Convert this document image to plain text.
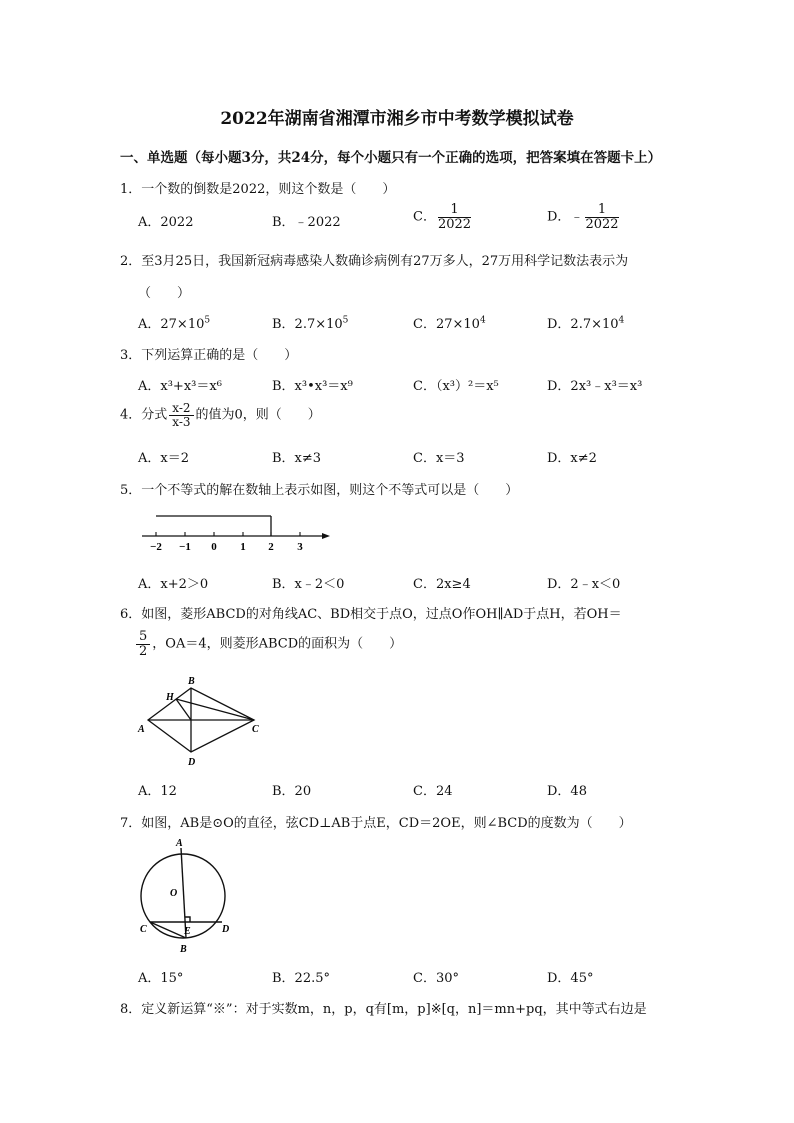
2022年湖南省湘潭市湘乡市中考数学模拟试卷
一、单选题（每小题3分，共24分，每个小题只有一个正确的选项，把答案填在答题卡上）
1．一个数的倒数是2022，则这个数是（　　）
A．2022	B．﹣2022	C． $\frac{1}{2022}$	D．﹣ $\frac{1}{2022}$
2．至3月25日，我国新冠病毒感染人数确诊病例有27万多人，27万用科学记数法表示为
（　　）
A．$27\times 10^5$	B．$2.7\times 10^5$	C．$27\times 10^4$	D．$2.7\times 10^4$
3．下列运算正确的是（　　）
A．x³+x³＝x⁶	B．x³•x³＝x⁹	C．（x³）²＝x⁵	D．2x³﹣x³＝x³
4．分式 $\frac{x-2}{x-3}$ 的值为0，则（　　）
A．x＝2	B．x≠3	C．x＝3	D．x≠2
5．一个不等式的解在数轴上表示如图，则这个不等式可以是（　　）
−2 −1 0 1 2 3
A．x+2＞0	B．x﹣2＜0	C．2x≥4	D．2﹣x＜0
6．如图，菱形ABCD的对角线AC、BD相交于点O，过点O作OH∥AD于点H，若OH＝
$\frac{5}{2}$ ，OA＝4，则菱形ABCD的面积为（　　）
H
B
A	C
D
A．12	B．20	C．24	D．48
7．如图，AB是⊙O的直径，弦CD⊥AB于点E，CD＝2OE，则∠BCD的度数为（　　）
A
O
C	E	D
B
A．15°	B．22.5°	C．30°	D．45°
8．定义新运算“※”：对于实数m，n，p，q有[m，p]※[q，n]＝mn+pq，其中等式右边是
